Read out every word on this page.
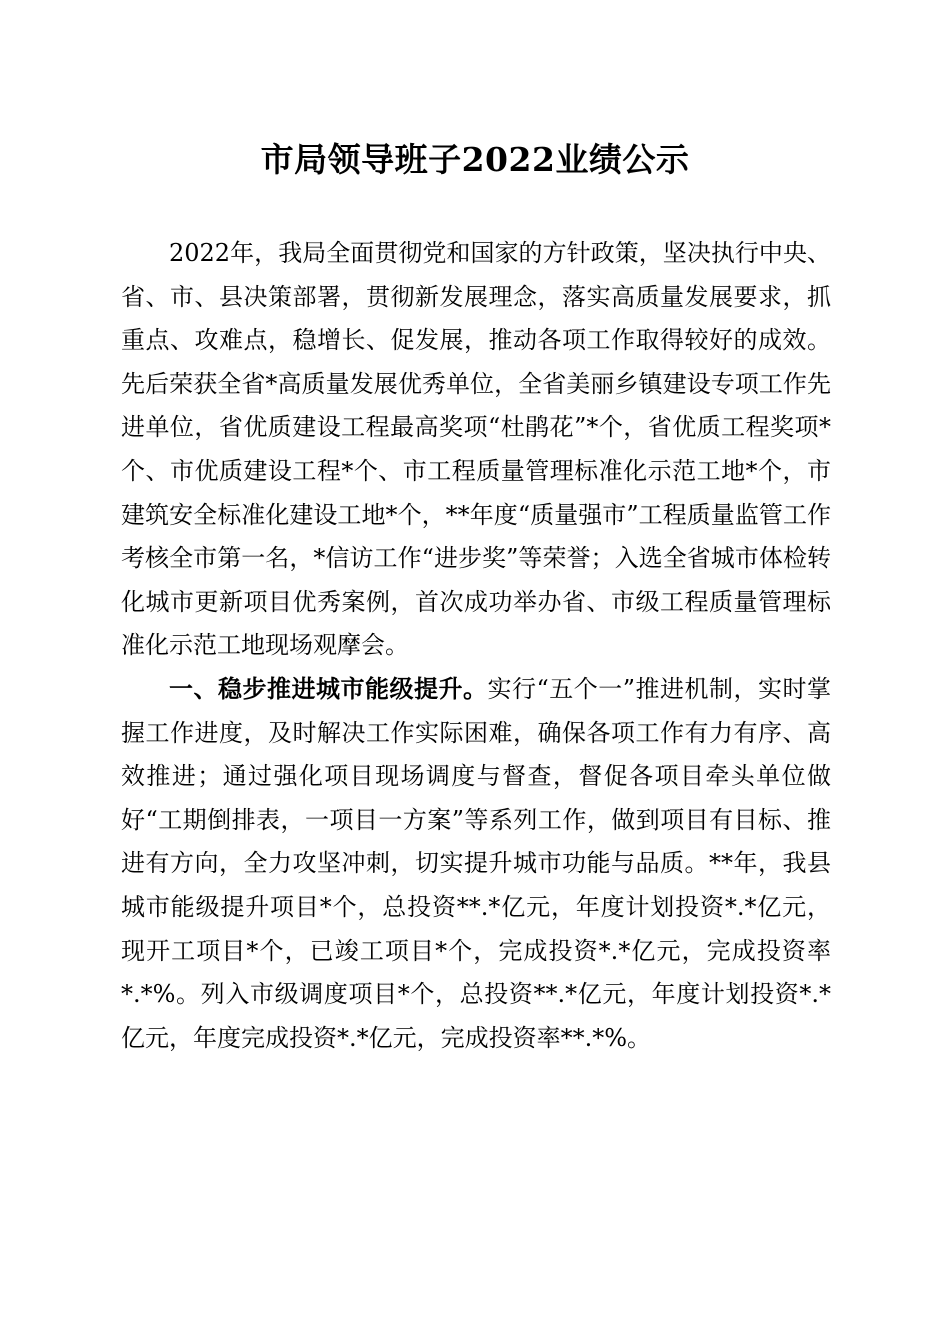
市局领导班子2022业绩公示

2022年，我局全面贯彻党和国家的方针政策，坚决执行中央、省、市、县决策部署，贯彻新发展理念，落实高质量发展要求，抓重点、攻难点，稳增长、促发展，推动各项工作取得较好的成效。先后荣获全省*高质量发展优秀单位，全省美丽乡镇建设专项工作先进单位，省优质建设工程最高奖项“杜鹃花”*个，省优质工程奖项*个、市优质建设工程*个、市工程质量管理标准化示范工地*个，市建筑安全标准化建设工地*个，**年度“质量强市”工程质量监管工作考核全市第一名，*信访工作“进步奖”等荣誉；入选全省城市体检转化城市更新项目优秀案例，首次成功举办省、市级工程质量管理标准化示范工地现场观摩会。

一、稳步推进城市能级提升。实行“五个一”推进机制，实时掌握工作进度，及时解决工作实际困难，确保各项工作有力有序、高效推进；通过强化项目现场调度与督查，督促各项目牵头单位做好“工期倒排表，一项目一方案”等系列工作，做到项目有目标、推进有方向，全力攻坚冲刺，切实提升城市功能与品质。**年，我县城市能级提升项目*个，总投资**.*亿元，年度计划投资*.*亿元，现开工项目*个，已竣工项目*个，完成投资*.*亿元，完成投资率*.*%。列入市级调度项目*个，总投资**.*亿元，年度计划投资*.*亿元，年度完成投资*.*亿元，完成投资率**.*%。
